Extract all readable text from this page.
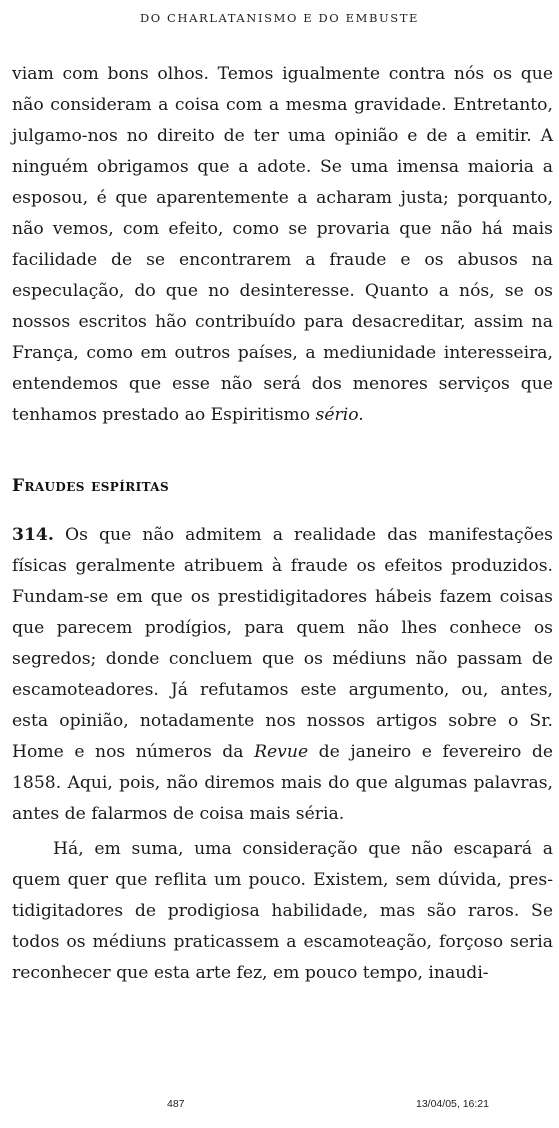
DO CHARLATANISMO E DO EMBUSTE
viam com bons olhos. Temos igualmente contra nós os que não consideram a coisa com a mesma gravidade. Entretanto, julgamo-nos no direito de ter uma opinião e de a emitir. A ninguém obrigamos que a adote. Se uma imensa maioria a esposou, é que aparentemente a acharam justa; porquanto, não vemos, com efeito, como se provaria que não há mais facilidade de se encontrarem a fraude e os abusos na especulação, do que no desinteresse. Quanto a nós, se os nossos escritos hão contribuído para desacreditar, assim na França, como em outros países, a mediunidade interesseira, entendemos que esse não será dos menores serviços que tenhamos prestado ao Espiritismo sério.
Fraudes espíritas
314. Os que não admitem a realidade das manifestações físicas geralmente atribuem à fraude os efeitos produzidos. Fundam-se em que os prestidigitadores hábeis fazem coisas que parecem prodígios, para quem não lhes conhece os segredos; donde concluem que os médiuns não passam de escamoteadores. Já refutamos este argumento, ou, antes, esta opinião, notadamente nos nossos artigos sobre o Sr. Home e nos números da Revue de janeiro e fevereiro de 1858. Aqui, pois, não diremos mais do que algumas palavras, antes de falarmos de coisa mais séria.
Há, em suma, uma consideração que não escapará a quem quer que reflita um pouco. Existem, sem dúvida, prestidigitadores de prodigiosa habilidade, mas são raros. Se todos os médiuns praticassem a escamoteação, forçoso seria reconhecer que esta arte fez, em pouco tempo, inaudi-
487	13/04/05, 16:21
